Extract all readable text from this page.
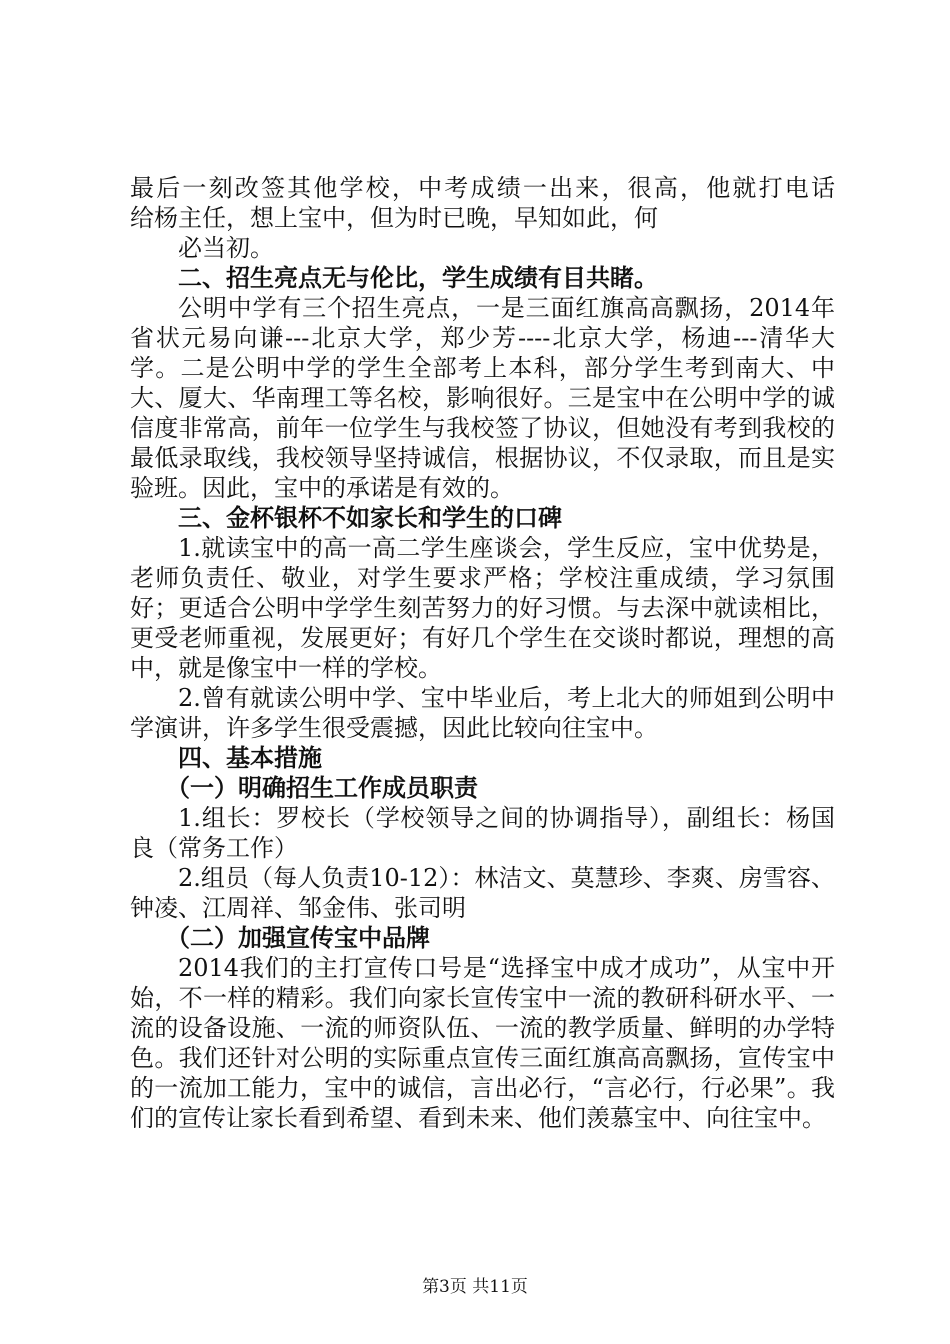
最后一刻改签其他学校，中考成绩一出来，很高，他就打电话

给杨主任，想上宝中，但为时已晚，早知如此，何

必当初。

二、招生亮点无与伦比，学生成绩有目共睹。

公明中学有三个招生亮点，一是三面红旗高高飘扬，2014年省状元易向谦---北京大学，郑少芳----北京大学，杨迪---清华大学。二是公明中学的学生全部考上本科，部分学生考到南大、中大、厦大、华南理工等名校，影响很好。三是宝中在公明中学的诚信度非常高，前年一位学生与我校签了协议，但她没有考到我校的最低录取线，我校领导坚持诚信，根据协议，不仅录取，而且是实验班。因此，宝中的承诺是有效的。

三、金杯银杯不如家长和学生的口碑

1.就读宝中的高一高二学生座谈会，学生反应，宝中优势是，老师负责任、敬业，对学生要求严格；学校注重成绩，学习氛围好；更适合公明中学学生刻苦努力的好习惯。与去深中就读相比，更受老师重视，发展更好；有好几个学生在交谈时都说，理想的高中，就是像宝中一样的学校。

2.曾有就读公明中学、宝中毕业后，考上北大的师姐到公明中学演讲，许多学生很受震撼，因此比较向往宝中。

四、基本措施

（一）明确招生工作成员职责

1.组长：罗校长（学校领导之间的协调指导），副组长：杨国良（常务工作）

2.组员（每人负责10-12）：林洁文、莫慧珍、李爽、房雪容、钟凌、江周祥、邹金伟、张司明

（二）加强宣传宝中品牌

2014我们的主打宣传口号是“选择宝中成才成功”，从宝中开始，不一样的精彩。我们向家长宣传宝中一流的教研科研水平、一流的设备设施、一流的师资队伍、一流的教学质量、鲜明的办学特色。我们还针对公明的实际重点宣传三面红旗高高飘扬，宣传宝中的一流加工能力，宝中的诚信，言出必行，“言必行，行必果”。我们的宣传让家长看到希望、看到未来、他们羡慕宝中、向往宝中。

第3页 共11页
